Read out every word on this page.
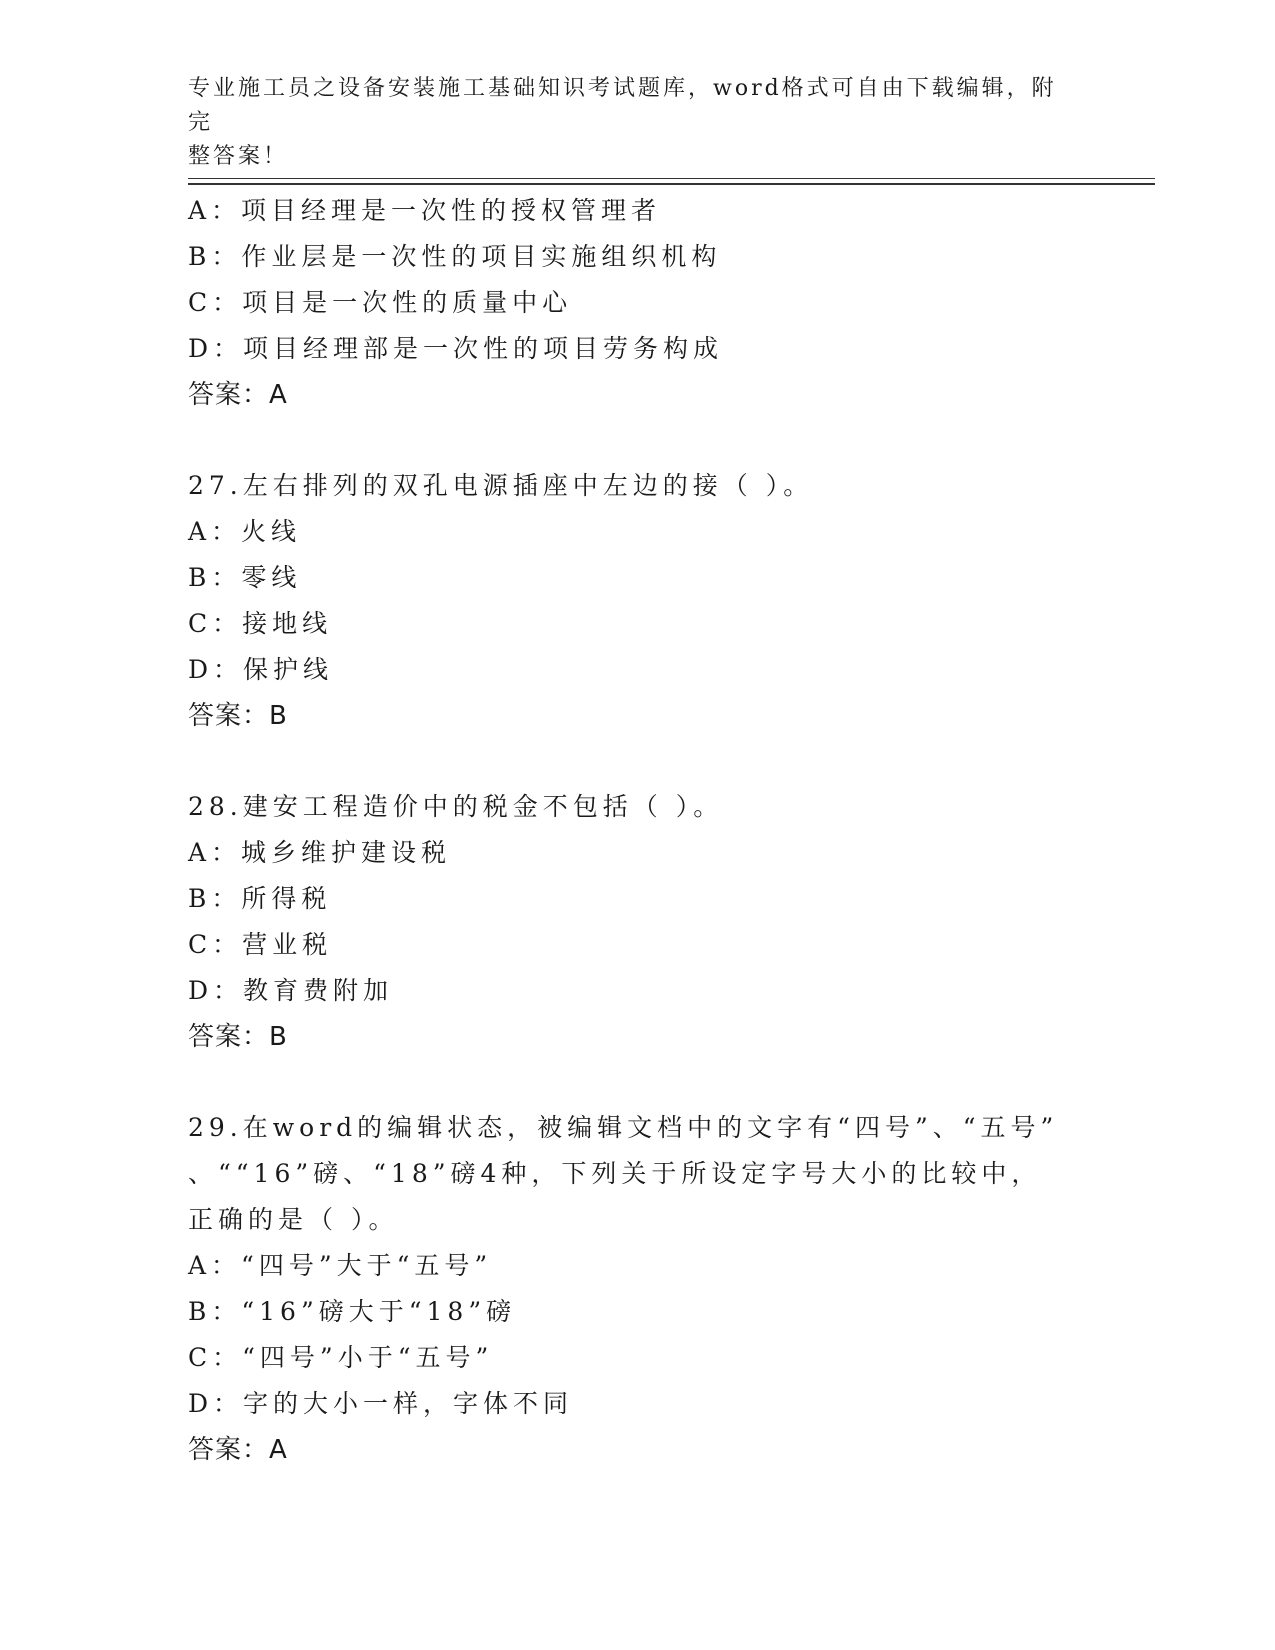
专业施工员之设备安装施工基础知识考试题库，word格式可自由下载编辑，附完
整答案！
A：项目经理是一次性的授权管理者
B：作业层是一次性的项目实施组织机构
C：项目是一次性的质量中心
D：项目经理部是一次性的项目劳务构成
答案：A
27.左右排列的双孔电源插座中左边的接（ ）。
A：火线
B：零线
C：接地线
D：保护线
答案：B
28.建安工程造价中的税金不包括（ ）。
A：城乡维护建设税
B：所得税
C：营业税
D：教育费附加
答案：B
29.在word的编辑状态，被编辑文档中的文字有“四号”、“五号”
、““16”磅、“18”磅4种，下列关于所设定字号大小的比较中，
正确的是（ ）。
A：“四号”大于“五号”
B：“16”磅大于“18”磅
C：“四号”小于“五号”
D：字的大小一样，字体不同
答案：A
